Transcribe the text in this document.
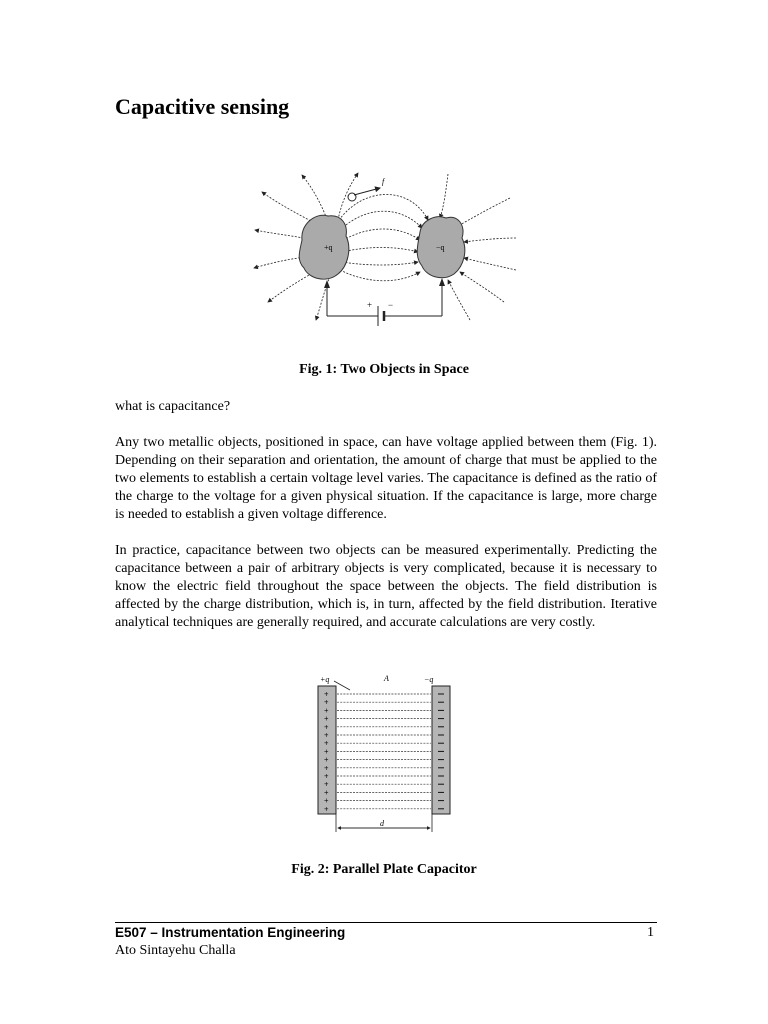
Capacitive sensing
+q	−q
f
+ −
Fig. 1: Two Objects in Space

what is capacitance?

Any two metallic objects, positioned in space, can have voltage applied between them (Fig. 1). Depending on their separation and orientation, the amount of charge that must be applied to the two elements to establish a certain voltage level varies. The capacitance is defined as the ratio of the charge to the voltage for a given physical situation. If the capacitance is large, more charge is needed to establish a given voltage difference.

In practice, capacitance between two objects can be measured experimentally. Predicting the capacitance between a pair of arbitrary objects is very complicated, because it is necessary to know the electric field throughout the space between the objects. The field distribution is affected by the charge distribution, which is, in turn, affected by the field distribution. Iterative analytical techniques are generally required, and accurate calculations are very costly.

+
+
+
+
+
+
+
+
+
+
+
+
+
+
+
+q	A	−q
d
Fig. 2: Parallel Plate Capacitor
E507 – Instrumentation Engineering	1
Ato Sintayehu Challa
